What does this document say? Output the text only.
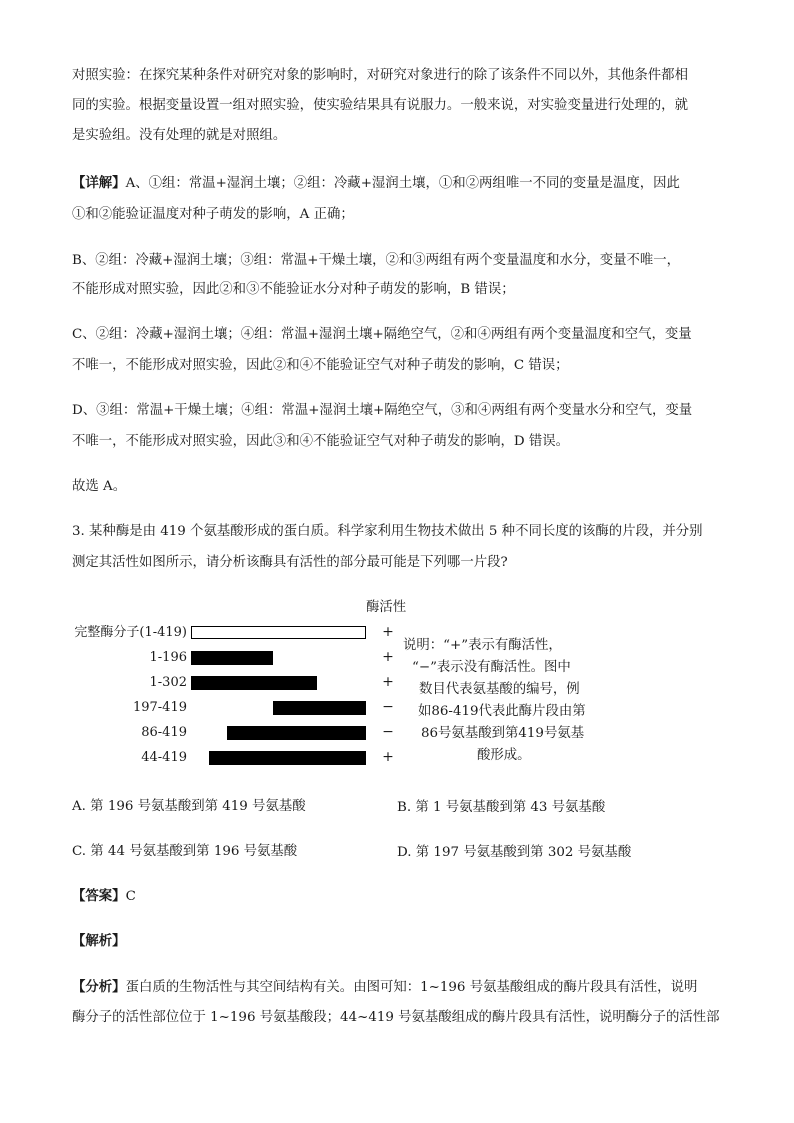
对照实验：在探究某种条件对研究对象的影响时，对研究对象进行的除了该条件不同以外，其他条件都相
同的实验。根据变量设置一组对照实验，使实验结果具有说服力。一般来说，对实验变量进行处理的，就
是实验组。没有处理的就是对照组。
【详解】A、①组：常温+湿润土壤；②组：冷藏+湿润土壤，①和②两组唯一不同的变量是温度，因此
①和②能验证温度对种子萌发的影响，A 正确；
B、②组：冷藏+湿润土壤；③组：常温+干燥土壤，②和③两组有两个变量温度和水分，变量不唯一，
不能形成对照实验，因此②和③不能验证水分对种子萌发的影响，B 错误；
C、②组：冷藏+湿润土壤；④组：常温+湿润土壤+隔绝空气，②和④两组有两个变量温度和空气，变量
不唯一，不能形成对照实验，因此②和④不能验证空气对种子萌发的影响，C 错误；
D、③组：常温+干燥土壤；④组：常温+湿润土壤+隔绝空气，③和④两组有两个变量水分和空气，变量
不唯一，不能形成对照实验，因此③和④不能验证空气对种子萌发的影响，D 错误。
故选 A。
3. 某种酶是由 419 个氨基酸形成的蛋白质。科学家利用生物技术做出 5 种不同长度的该酶的片段，并分别
测定其活性如图所示，请分析该酶具有活性的部分最可能是下列哪一片段?
酶活性
完整酶分子(1-419)	+
1-196	+
1-302	+
197-419	−
86-419	−
44-419	+
说明：“+”表示有酶活性，
“−”表示没有酶活性。图中
数目代表氨基酸的编号，例
如86-419代表此酶片段由第
86号氨基酸到第419号氨基
酸形成。
A. 第 196 号氨基酸到第 419 号氨基酸	B. 第 1 号氨基酸到第 43 号氨基酸
C. 第 44 号氨基酸到第 196 号氨基酸	D. 第 197 号氨基酸到第 302 号氨基酸
【答案】C
【解析】
【分析】蛋白质的生物活性与其空间结构有关。由图可知：1~196 号氨基酸组成的酶片段具有活性，说明
酶分子的活性部位位于 1~196 号氨基酸段；44~419 号氨基酸组成的酶片段具有活性，说明酶分子的活性部
